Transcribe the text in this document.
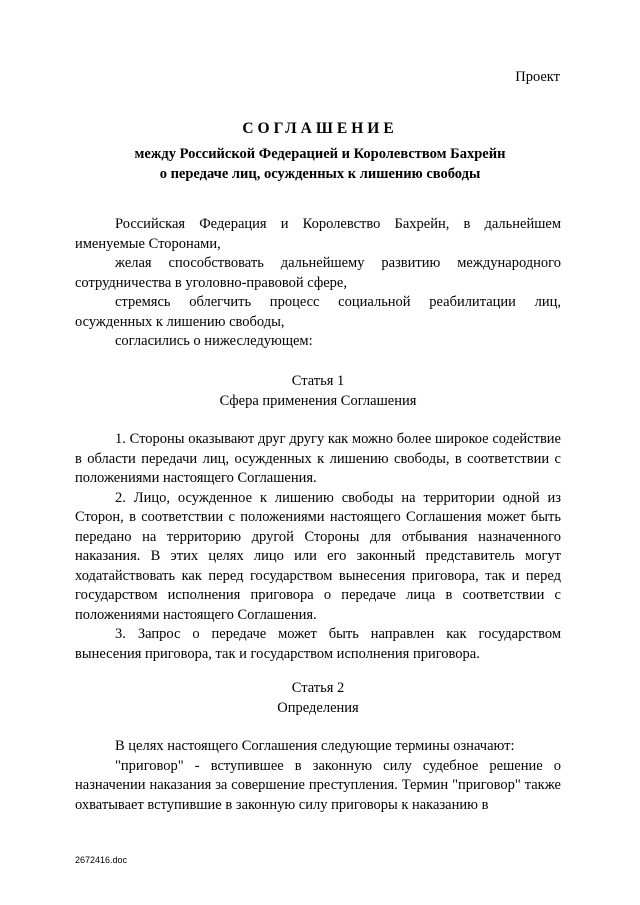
Проект
СОГЛАШЕНИЕ
между Российской Федерацией и Королевством Бахрейн
о передаче лиц, осужденных к лишению свободы

Российская Федерация и Королевство Бахрейн, в дальнейшем именуемые Сторонами,

желая способствовать дальнейшему развитию международного сотрудничества в уголовно-правовой сфере,

стремясь облегчить процесс социальной реабилитации лиц, осужденных к лишению свободы,

согласились о нижеследующем:

Статья 1
Сфера применения Соглашения

1. Стороны оказывают друг другу как можно более широкое содействие в области передачи лиц, осужденных к лишению свободы, в соответствии с положениями настоящего Соглашения.

2. Лицо, осужденное к лишению свободы на территории одной из Сторон, в соответствии с положениями настоящего Соглашения может быть передано на территорию другой Стороны для отбывания назначенного наказания. В этих целях лицо или его законный представитель могут ходатайствовать как перед государством вынесения приговора, так и перед государством исполнения приговора о передаче лица в соответствии с положениями настоящего Соглашения.

3. Запрос о передаче может быть направлен как государством вынесения приговора, так и государством исполнения приговора.

Статья 2
Определения

В целях настоящего Соглашения следующие термины означают:

"приговор" - вступившее в законную силу судебное решение о назначении наказания за совершение преступления. Термин "приговор" также охватывает вступившие в законную силу приговоры к наказанию в

2672416.doc
